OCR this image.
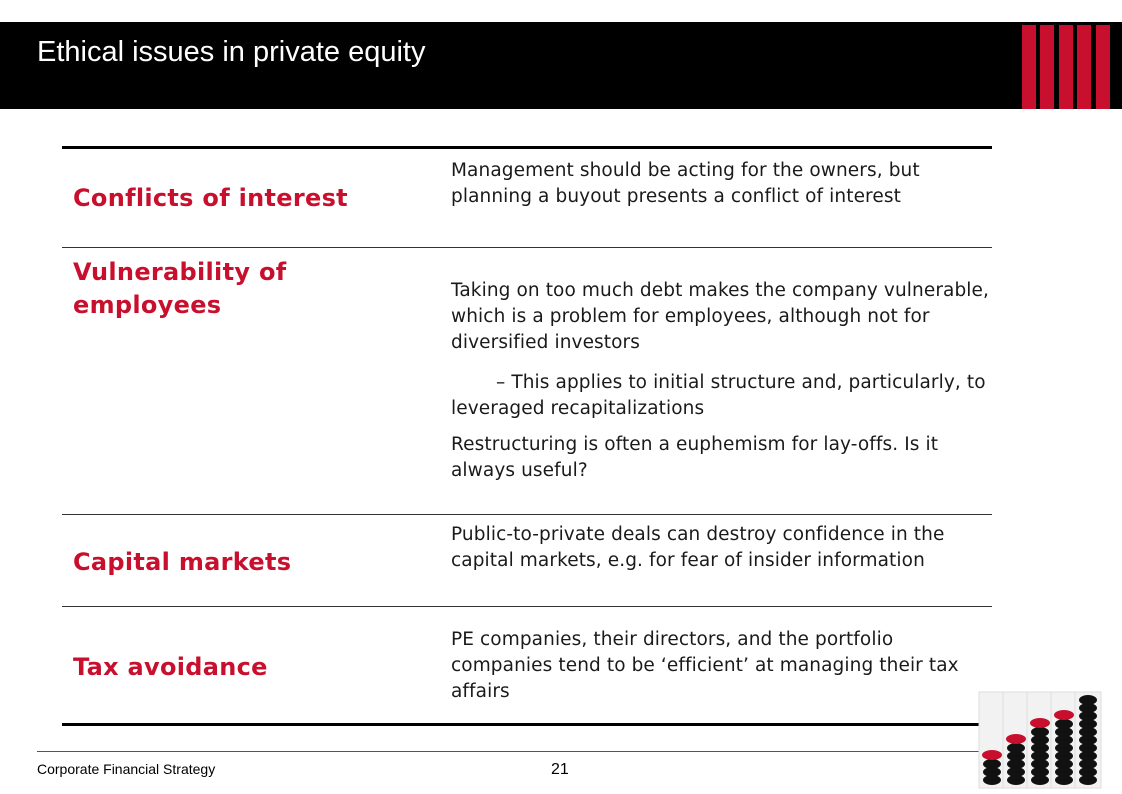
Ethical issues in private equity
Conflicts of interest
Management should be acting for the owners, but planning a buyout presents a conflict of interest
Vulnerability of employees

Taking on too much debt makes the company vulnerable, which is a problem for employees, although not for diversified investors

– This applies to initial structure and, particularly, to leveraged recapitalizations

Restructuring is often a euphemism for lay-offs. Is it always useful?

Capital markets
Public-to-private deals can destroy confidence in the capital markets, e.g. for fear of insider information
Tax avoidance
PE companies, their directors, and the portfolio companies tend to be ‘efficient’ at managing their tax affairs
Corporate Financial Strategy	21
